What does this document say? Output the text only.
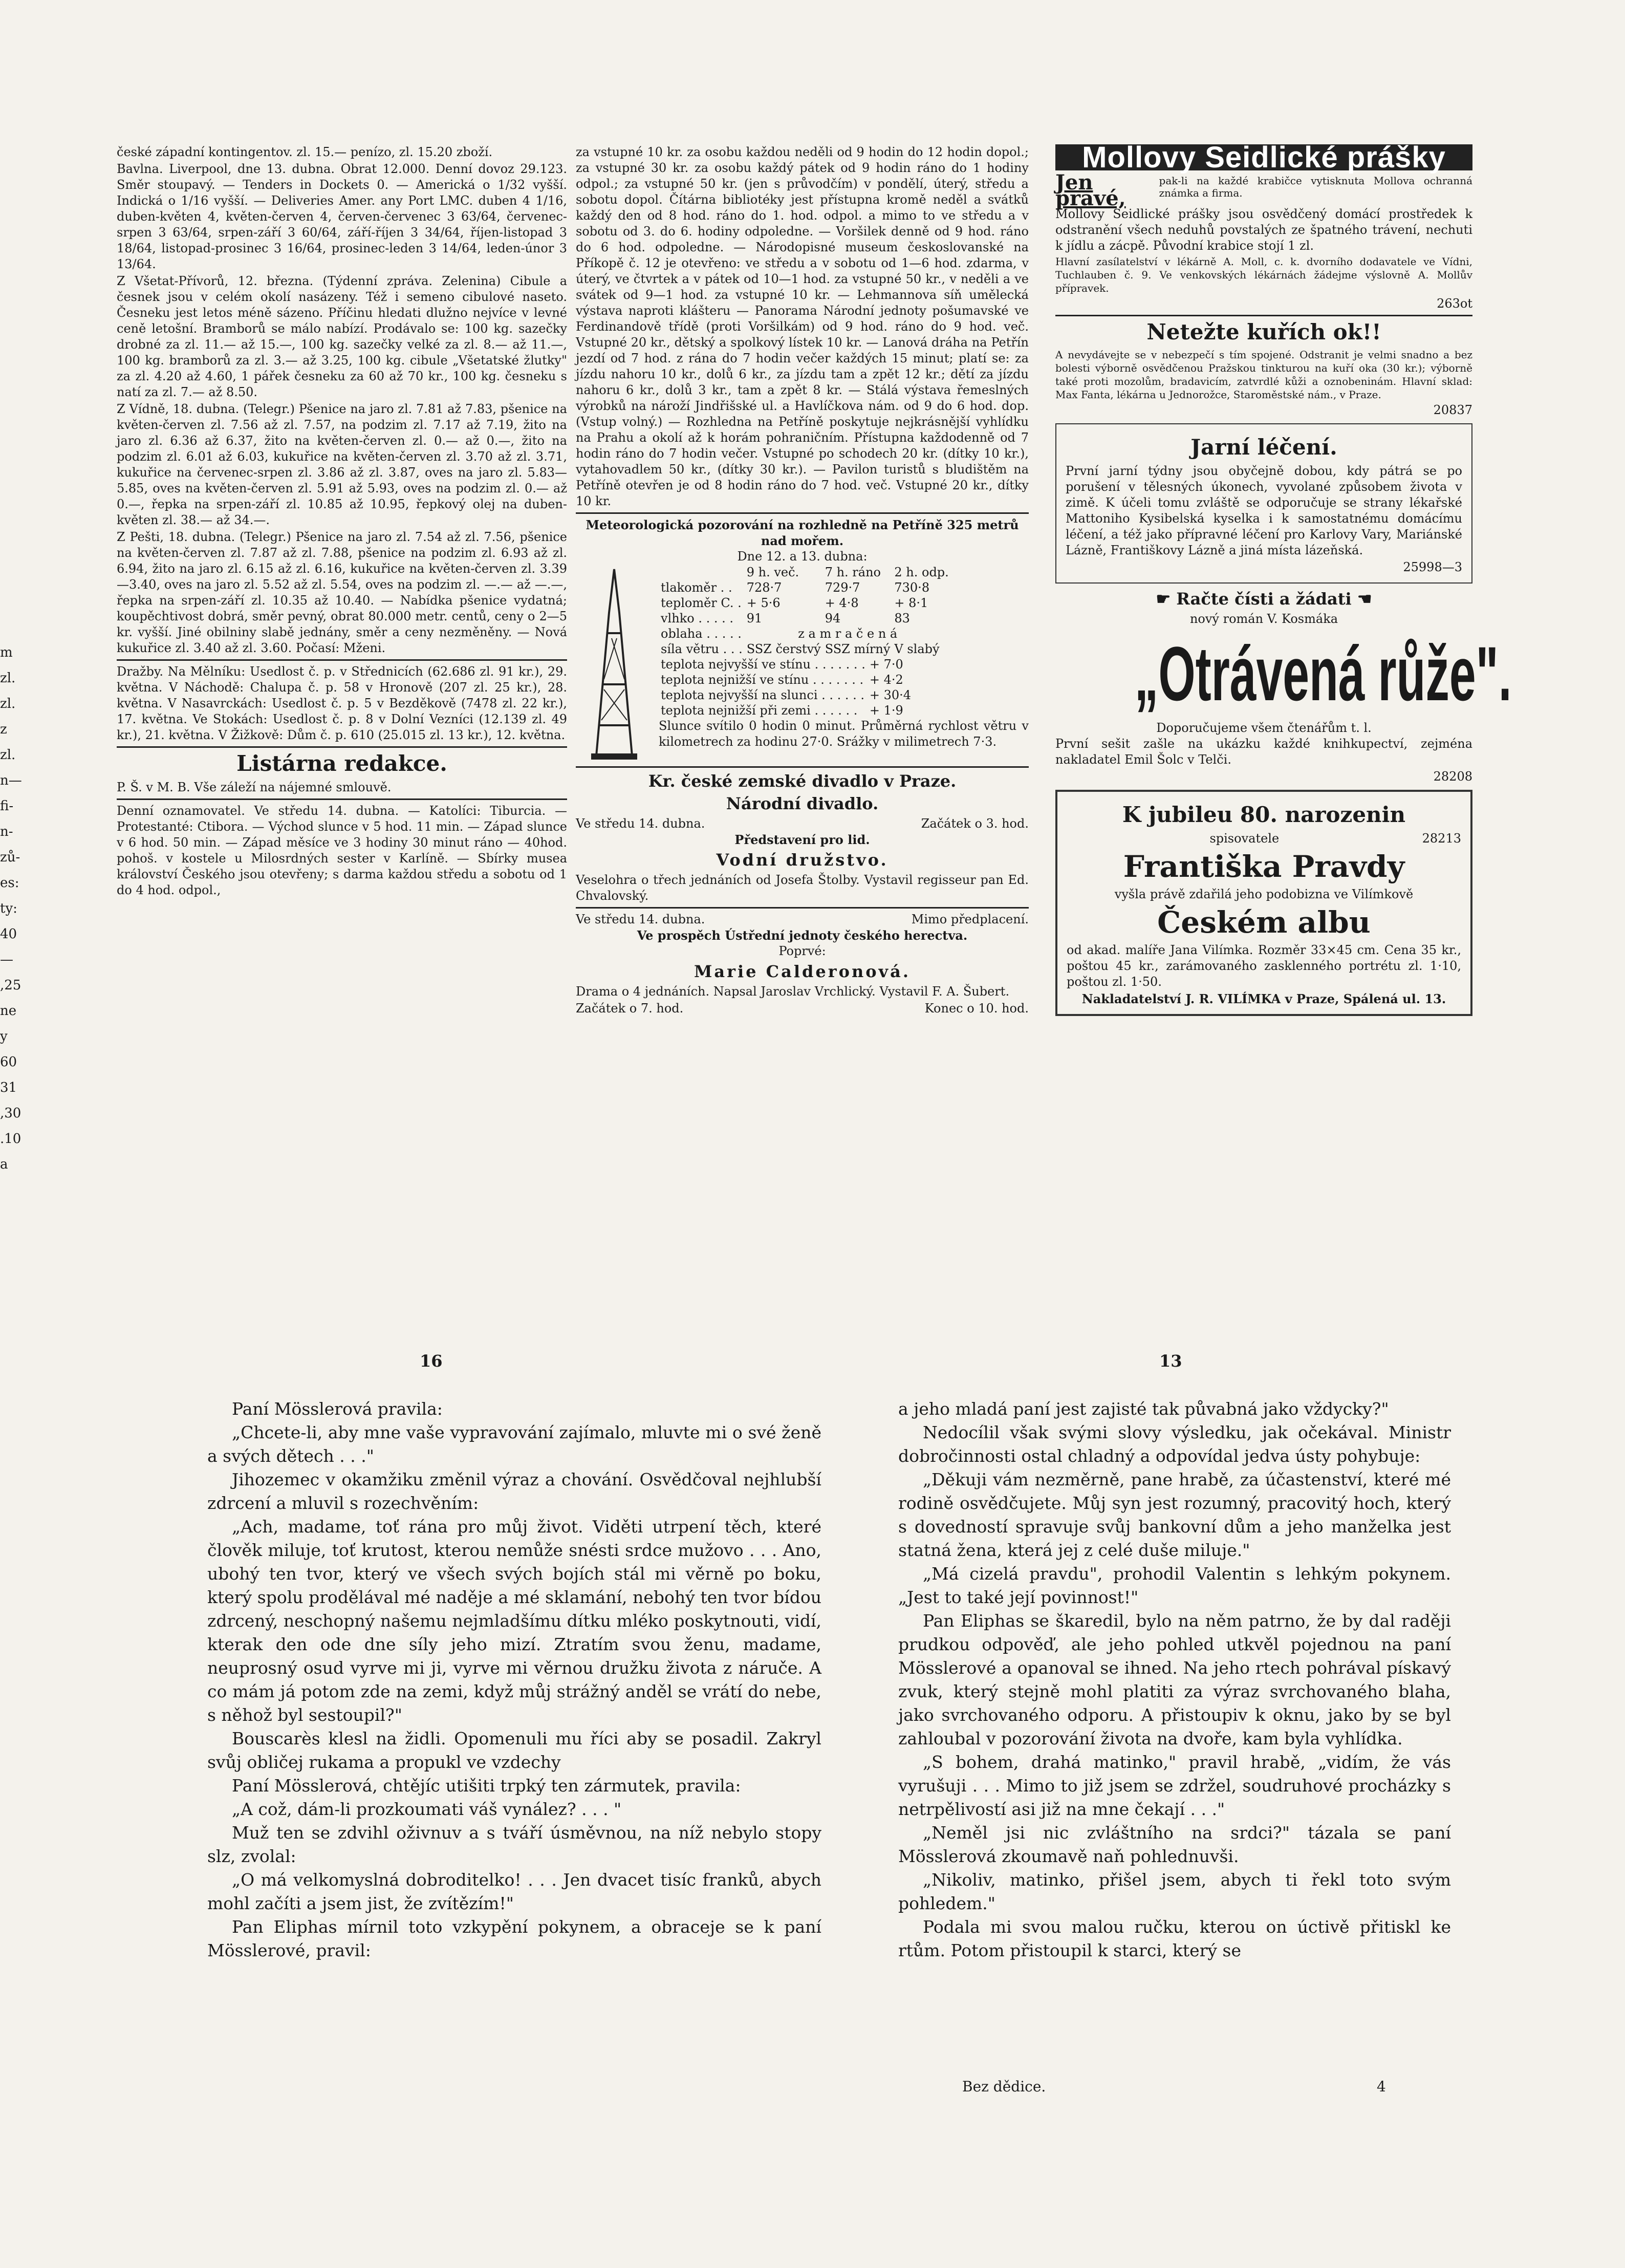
české západní kontingentov. zl. 15.— penízo, zl. 15.20 zboží.

Bavlna. Liverpool, dne 13. dubna. Obrat 12.000. Denní dovoz 29.123. Směr stoupavý. — Tenders in Dockets 0. — Americká o 1/32 vyšší. Indická o 1/16 vyšší. — Deliveries Amer. any Port LMC. duben 4 1/16, duben-květen 4, květen-červen 4, červen-červenec 3 63/64, červenec-srpen 3 63/64, srpen-září 3 60/64, září-říjen 3 34/64, říjen-listopad 3 18/64, listopad-prosinec 3 16/64, prosinec-leden 3 14/64, leden-únor 3 13/64.

Z Všetat-Přívorů, 12. března. (Týdenní zpráva. Zelenina) Cibule a česnek jsou v celém okolí nasázeny. Též i semeno cibulové naseto. Česneku jest letos méně sázeno. Příčinu hledati dlužno nejvíce v levné ceně letošní. Bramborů se málo nabízí. Prodávalo se: 100 kg. sazečky drobné za zl. 11.— až 15.—, 100 kg. sazečky velké za zl. 8.— až 11.—, 100 kg. bramborů za zl. 3.— až 3.25, 100 kg. cibule „Všetatské žlutky" za zl. 4.20 až 4.60, 1 pářek česneku za 60 až 70 kr., 100 kg. česneku s natí za zl. 7.— až 8.50.

Z Vídně, 18. dubna. (Telegr.) Pšenice na jaro zl. 7.81 až 7.83, pšenice na květen-červen zl. 7.56 až zl. 7.57, na podzim zl. 7.17 až 7.19, žito na jaro zl. 6.36 až 6.37, žito na květen-červen zl. 0.— až 0.—, žito na podzim zl. 6.01 až 6.03, kukuřice na květen-červen zl. 3.70 až zl. 3.71, kukuřice na červenec-srpen zl. 3.86 až zl. 3.87, oves na jaro zl. 5.83—5.85, oves na květen-červen zl. 5.91 až 5.93, oves na podzim zl. 0.— až 0.—, řepka na srpen-září zl. 10.85 až 10.95, řepkový olej na duben-květen zl. 38.— až 34.—.

Z Pešti, 18. dubna. (Telegr.) Pšenice na jaro zl. 7.54 až zl. 7.56, pšenice na květen-červen zl. 7.87 až zl. 7.88, pšenice na podzim zl. 6.93 až zl. 6.94, žito na jaro zl. 6.15 až zl. 6.16, kukuřice na květen-červen zl. 3.39—3.40, oves na jaro zl. 5.52 až zl. 5.54, oves na podzim zl. —.— až —.—, řepka na srpen-září zl. 10.35 až 10.40. — Nabídka pšenice vydatná; koupěchtivost dobrá, směr pevný, obrat 80.000 metr. centů, ceny o 2—5 kr. vyšší. Jiné obilniny slabě jednány, směr a ceny nezměněny. — Nová kukuřice zl. 3.40 až zl. 3.60. Počasí: Mženi.

Dražby. Na Mělníku: Usedlost č. p. v Střednicích (62.686 zl. 91 kr.), 29. května. V Náchodě: Chalupa č. p. 58 v Hronově (207 zl. 25 kr.), 28. května. V Nasavrckách: Usedlost č. p. 5 v Bezděkově (7478 zl. 22 kr.), 17. května. Ve Stokách: Usedlost č. p. 8 v Dolní Vezníci (12.139 zl. 49 kr.), 21. května. V Žižkově: Dům č. p. 610 (25.015 zl. 13 kr.), 12. května.

Listárna redakce.

P. Š. v M. B. Vše záleží na nájemné smlouvě.

Denní oznamovatel. Ve středu 14. dubna. — Katolíci: Tiburcia. — Protestanté: Ctibora. — Východ slunce v 5 hod. 11 min. — Západ slunce v 6 hod. 50 min. — Západ měsíce ve 3 hodiny 30 minut ráno — 40hod. pohoš. v kostele u Milosrdných sester v Karlíně. — Sbírky musea království Českého jsou otevřeny; s darma každou středu a sobotu od 1 do 4 hod. odpol.,

za vstupné 10 kr. za osobu každou neděli od 9 hodin do 12 hodin dopol.; za vstupné 30 kr. za osobu každý pátek od 9 hodin ráno do 1 hodiny odpol.; za vstupné 50 kr. (jen s průvodčím) v pondělí, úterý, středu a sobotu dopol. Čítárna bibliotéky jest přístupna kromě neděl a svátků každý den od 8 hod. ráno do 1. hod. odpol. a mimo to ve středu a v sobotu od 3. do 6. hodiny odpoledne. — Voršilek denně od 9 hod. ráno do 6 hod. odpoledne. — Národopisné museum českoslovanské na Příkopě č. 12 je otevřeno: ve středu a v sobotu od 1—6 hod. zdarma, v úterý, ve čtvrtek a v pátek od 10—1 hod. za vstupné 50 kr., v neděli a ve svátek od 9—1 hod. za vstupné 10 kr. — Lehmannova síň umělecká výstava naproti klášteru — Panorama Národní jednoty pošumavské ve Ferdinandově třídě (proti Voršilkám) od 9 hod. ráno do 9 hod. več. Vstupné 20 kr., dětský a spolkový lístek 10 kr. — Lanová dráha na Petřín jezdí od 7 hod. z rána do 7 hodin večer každých 15 minut; platí se: za jízdu nahoru 10 kr., dolů 6 kr., za jízdu tam a zpět 12 kr.; dětí za jízdu nahoru 6 kr., dolů 3 kr., tam a zpět 8 kr. — Stálá výstava řemeslných výrobků na nároží Jindřišské ul. a Havlíčkova nám. od 9 do 6 hod. dop. (Vstup volný.) — Rozhledna na Petříně poskytuje nejkrásnější vyhlídku na Prahu a okolí až k horám pohraničním. Přístupna každodenně od 7 hodin ráno do 7 hodin večer. Vstupné po schodech 20 kr. (dítky 10 kr.), vytahovadlem 50 kr., (dítky 30 kr.). — Pavilon turistů s bludištěm na Petříně otevřen je od 8 hodin ráno do 7 hod. več. Vstupné 20 kr., dítky 10 kr.

Meteorologická pozorování na rozhledně na Petříně 325 metrů nad mořem.
Dne 12. a 13. dubna:
	9 h. več.	7 h. ráno	2 h. odp.
tlakoměr . .	728·7	729·7	730·8
teploměr C. .	+ 5·6	+ 4·8	+ 8·1
vlhko . . . . .	91	94	83
oblaha . . . . .	z a m r a č e n á		
síla větru . . .	SSZ čerstvý	SSZ mírný	V slabý
teplota nejvyšší ve stínu . . . . . . .	+ 7·0
teplota nejnižší ve stínu . . . . . . .	+ 4·2
teplota nejvyšší na slunci . . . . . .	+ 30·4
teplota nejnižší při zemi . . . . . .	+ 1·9

Slunce svítilo 0 hodin 0 minut. Průměrná rychlost větru v kilometrech za hodinu 27·0. Srážky v milimetrech 7·3.

Kr. české zemské divadlo v Praze.
Národní divadlo.
Ve středu 14. dubna.	Začátek o 3. hod.
Představení pro lid.
Vodní družstvo.

Veselohra o třech jednáních od Josefa Štolby. Vystavil regisseur pan Ed. Chvalovský.

Ve středu 14. dubna.	Mimo předplacení.
Ve prospěch Ústřední jednoty českého herectva.
Poprvé:
Marie Calderonová.

Drama o 4 jednáních. Napsal Jaroslav Vrchlický. Vystavil F. A. Šubert.

Začátek o 7. hod.	Konec o 10. hod.
Mollovy Seidlické prášky
Jen pravé,
pak-li na každé krabičce vytisknuta Mollova ochranná známka a firma.

Mollovy Seidlické prášky jsou osvědčený domácí prostředek k odstranění všech neduhů povstalých ze špatného trávení, nechuti k jídlu a zácpě. Původní krabice stojí 1 zl.

Hlavní zasílatelství v lékárně A. Moll, c. k. dvorního dodavatele ve Vídni, Tuchlauben č. 9. Ve venkovských lékárnách žádejme výslovně A. Mollův přípravek.

263ot
Netežte kuřích ok!!

A nevydávejte se v nebezpečí s tím spojené. Odstranit je velmi snadno a bez bolesti výborně osvědčenou Pražskou tinkturou na kuří oka (30 kr.); výborně také proti mozolům, bradavicím, zatvrdlé kůži a oznobeninám. Hlavní sklad: Max Fanta, lékárna u Jednorožce, Staroměstské nám., v Praze.

20837
Jarní léčení.

První jarní týdny jsou obyčejně dobou, kdy pátrá se po porušení v tělesných úkonech, vyvolané způsobem života v zimě. K účeli tomu zvláště se odporučuje se strany lékařské Mattoniho Kysibelská kyselka i k samostatnému domácímu léčení, a též jako přípravné léčení pro Karlovy Vary, Mariánské Lázně, Františkovy Lázně a jiná místa lázeňská.

25998—3
☛ Račte čísti a žádati ☚
nový román V. Kosmáka
„Otrávená růže".
Doporučujeme všem čtenářům t. l.

První sešit zašle na ukázku každé knihkupectví, zejména nakladatel Emil Šolc v Telči.

28208
K jubileu 80. narozenin
spisovatele	28213
Františka Pravdy
vyšla právě zdařilá jeho podobizna ve Vilímkově
Českém albu

od akad. malíře Jana Vilímka. Rozměr 33×45 cm. Cena 35 kr., poštou 45 kr., zarámovaného zasklenného portrétu zl. 1·10, poštou zl. 1·50.

Nakladatelství J. R. VILÍMKA v Praze, Spálená ul. 13.
m
zl.
zl.
z
zl.
n—
fi-
n-
zů-
es:
ty:
40
—
,25
ne
y
60
31
,30
.10
a
16	13

Paní Mösslerová pravila:

„Chcete-li, aby mne vaše vypravování zajímalo, mluvte mi o své ženě a svých dětech . . ."

Jihozemec v okamžiku změnil výraz a chování. Osvědčoval nejhlubší zdrcení a mluvil s rozechvěním:

„Ach, madame, toť rána pro můj život. Viděti utrpení těch, které člověk miluje, toť krutost, kterou nemůže snésti srdce mužovo . . . Ano, ubohý ten tvor, který ve všech svých bojích stál mi věrně po boku, který spolu prodělával mé naděje a mé sklamání, nebohý ten tvor bídou zdrcený, neschopný našemu nejmladšímu dítku mléko poskytnouti, vidí, kterak den ode dne síly jeho mizí. Ztratím svou ženu, madame, neuprosný osud vyrve mi ji, vyrve mi věrnou družku života z náruče. A co mám já potom zde na zemi, když můj strážný anděl se vrátí do nebe, s něhož byl sestoupil?"

Bouscarès klesl na židli. Opomenuli mu říci aby se posadil. Zakryl svůj obličej rukama a propukl ve vzdechy

Paní Mösslerová, chtějíc utišiti trpký ten zármutek, pravila:

„A což, dám-li prozkoumati váš vynález? . . . "

Muž ten se zdvihl oživnuv a s tváří úsměvnou, na níž nebylo stopy slz, zvolal:

„O má velkomyslná dobroditelko! . . . Jen dvacet tisíc franků, abych mohl začíti a jsem jist, že zvítězím!"

Pan Eliphas mírnil toto vzkypění pokynem, a obraceje se k paní Mösslerové, pravil:

a jeho mladá paní jest zajisté tak půvabná jako vždycky?"

Nedocílil však svými slovy výsledku, jak očekával. Ministr dobročinnosti ostal chladný a odpovídal jedva ústy pohybuje:

„Děkuji vám nezměrně, pane hrabě, za účastenství, které mé rodině osvědčujete. Můj syn jest rozumný, pracovitý hoch, který s dovedností spravuje svůj bankovní dům a jeho manželka jest statná žena, která jej z celé duše miluje."

„Má cizelá pravdu", prohodil Valentin s lehkým pokynem. „Jest to také její povinnost!"

Pan Eliphas se škaredil, bylo na něm patrno, že by dal raději prudkou odpověď, ale jeho pohled utkvěl pojednou na paní Mösslerové a opanoval se ihned. Na jeho rtech pohrával pískavý zvuk, který stejně mohl platiti za výraz svrchovaného blaha, jako svrchovaného odporu. A přistoupiv k oknu, jako by se byl zahloubal v pozorování života na dvoře, kam byla vyhlídka.

„S bohem, drahá matinko," pravil hrabě, „vidím, že vás vyrušuji . . . Mimo to již jsem se zdržel, soudruhové procházky s netrpělivostí asi již na mne čekají . . ."

„Neměl jsi nic zvláštního na srdci?" tázala se paní Mösslerová zkoumavě naň pohlednuvši.

„Nikoliv, matinko, přišel jsem, abych ti řekl toto svým pohledem."

Podala mi svou malou ručku, kterou on úctivě přitiskl ke rtům. Potom přistoupil k starci, který se

Bez dědice.	4
